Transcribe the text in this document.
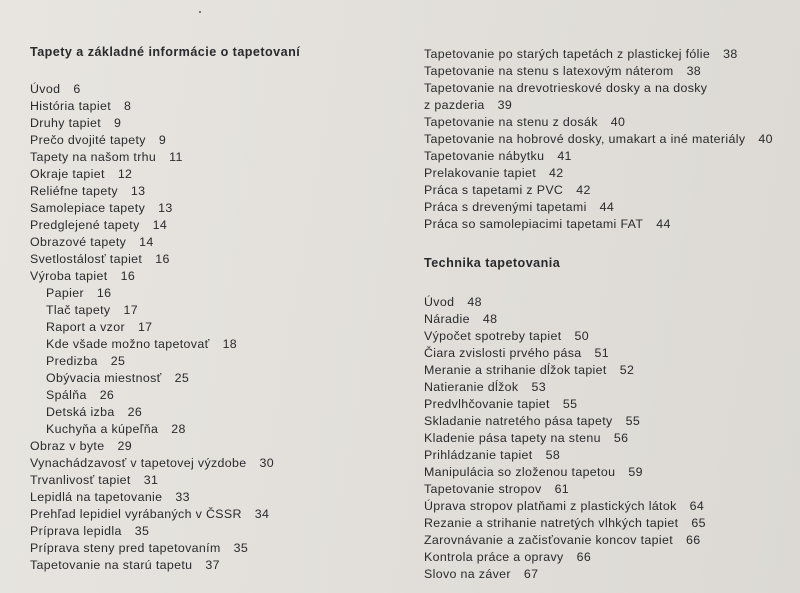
Tapety a základné informácie o tapetovaní
Úvod 6
História tapiet 8
Druhy tapiet 9
Prečo dvojité tapety 9
Tapety na našom trhu 11
Okraje tapiet 12
Reliéfne tapety 13
Samolepiace tapety 13
Predglejené tapety 14
Obrazové tapety 14
Svetlostálosť tapiet 16
Výroba tapiet 16
Papier 16
Tlač tapety 17
Raport a vzor 17
Kde všade možno tapetovať 18
Predizba 25
Obývacia miestnosť 25
Spálňa 26
Detská izba 26
Kuchyňa a kúpeľňa 28
Obraz v byte 29
Vynachádzavosť v tapetovej výzdobe 30
Trvanlivosť tapiet 31
Lepidlá na tapetovanie 33
Prehľad lepidiel vyrábaných v ČSSR 34
Príprava lepidla 35
Príprava steny pred tapetovaním 35
Tapetovanie na starú tapetu 37
Tapetovanie po starých tapetách z plastickej fólie 38
Tapetovanie na stenu s latexovým náterom 38
Tapetovanie na drevotrieskové dosky a na dosky
z pazderia 39
Tapetovanie na stenu z dosák 40
Tapetovanie na hobrové dosky, umakart a iné materiály 40
Tapetovanie nábytku 41
Prelakovanie tapiet 42
Práca s tapetami z PVC 42
Práca s drevenými tapetami 44
Práca so samolepiacimi tapetami FAT 44
Technika tapetovania
Úvod 48
Náradie 48
Výpočet spotreby tapiet 50
Čiara zvislosti prvého pása 51
Meranie a strihanie dĺžok tapiet 52
Natieranie dĺžok 53
Predvlhčovanie tapiet 55
Skladanie natretého pása tapety 55
Kladenie pása tapety na stenu 56
Prihládzanie tapiet 58
Manipulácia so zloženou tapetou 59
Tapetovanie stropov 61
Úprava stropov platňami z plastických látok 64
Rezanie a strihanie natretých vlhkých tapiet 65
Zarovnávanie a začisťovanie koncov tapiet 66
Kontrola práce a opravy 66
Slovo na záver 67
